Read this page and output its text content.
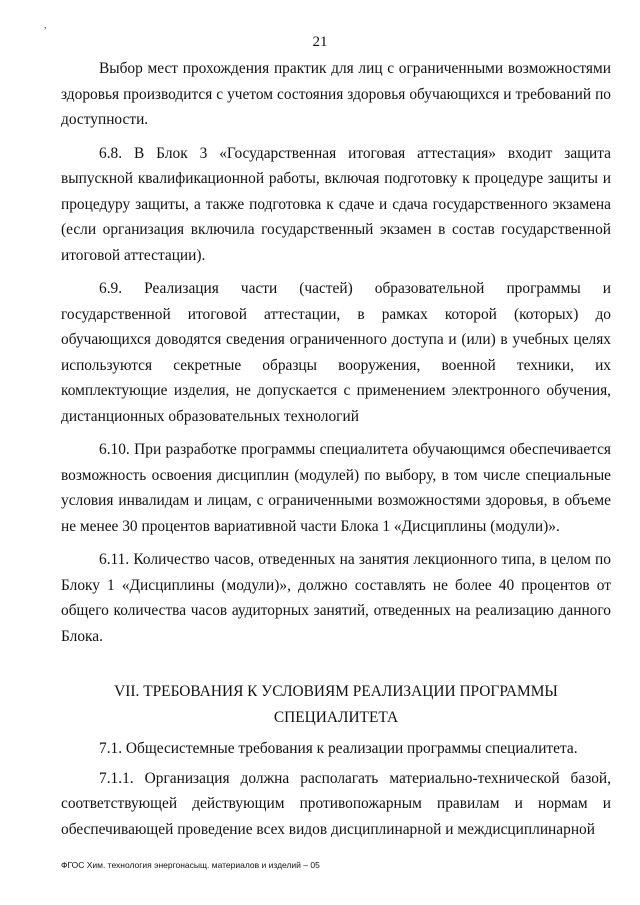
,
21

Выбор мест прохождения практик для лиц с ограниченными возможностями здоровья производится с учетом состояния здоровья обучающихся и требований по доступности.

6.8. В Блок 3 «Государственная итоговая аттестация» входит защита выпускной квалификационной работы, включая подготовку к процедуре защиты и процедуру защиты, а также подготовка к сдаче и сдача государственного экзамена (если организация включила государственный экзамен в состав государственной итоговой аттестации).

6.9. Реализация части (частей) образовательной программы и государственной итоговой аттестации, в рамках которой (которых) до обучающихся доводятся сведения ограниченного доступа и (или) в учебных целях используются секретные образцы вооружения, военной техники, их комплектующие изделия, не допускается с применением электронного обучения, дистанционных образовательных технологий

6.10. При разработке программы специалитета обучающимся обеспечивается возможность освоения дисциплин (модулей) по выбору, в том числе специальные условия инвалидам и лицам, с ограниченными возможностями здоровья, в объеме не менее 30 процентов вариативной части Блока 1 «Дисциплины (модули)».

6.11. Количество часов, отведенных на занятия лекционного типа, в целом по Блоку 1 «Дисциплины (модули)», должно составлять не более 40 процентов от общего количества часов аудиторных занятий, отведенных на реализацию данного Блока.

VII. ТРЕБОВАНИЯ К УСЛОВИЯМ РЕАЛИЗАЦИИ ПРОГРАММЫ
СПЕЦИАЛИТЕТА

7.1. Общесистемные требования к реализации программы специалитета.

7.1.1. Организация должна располагать материально-технической базой, соответствующей действующим противопожарным правилам и нормам и обеспечивающей проведение всех видов дисциплинарной и междисциплинарной

ФГОС Хим. технология энергонасыщ. материалов и изделий – 05
